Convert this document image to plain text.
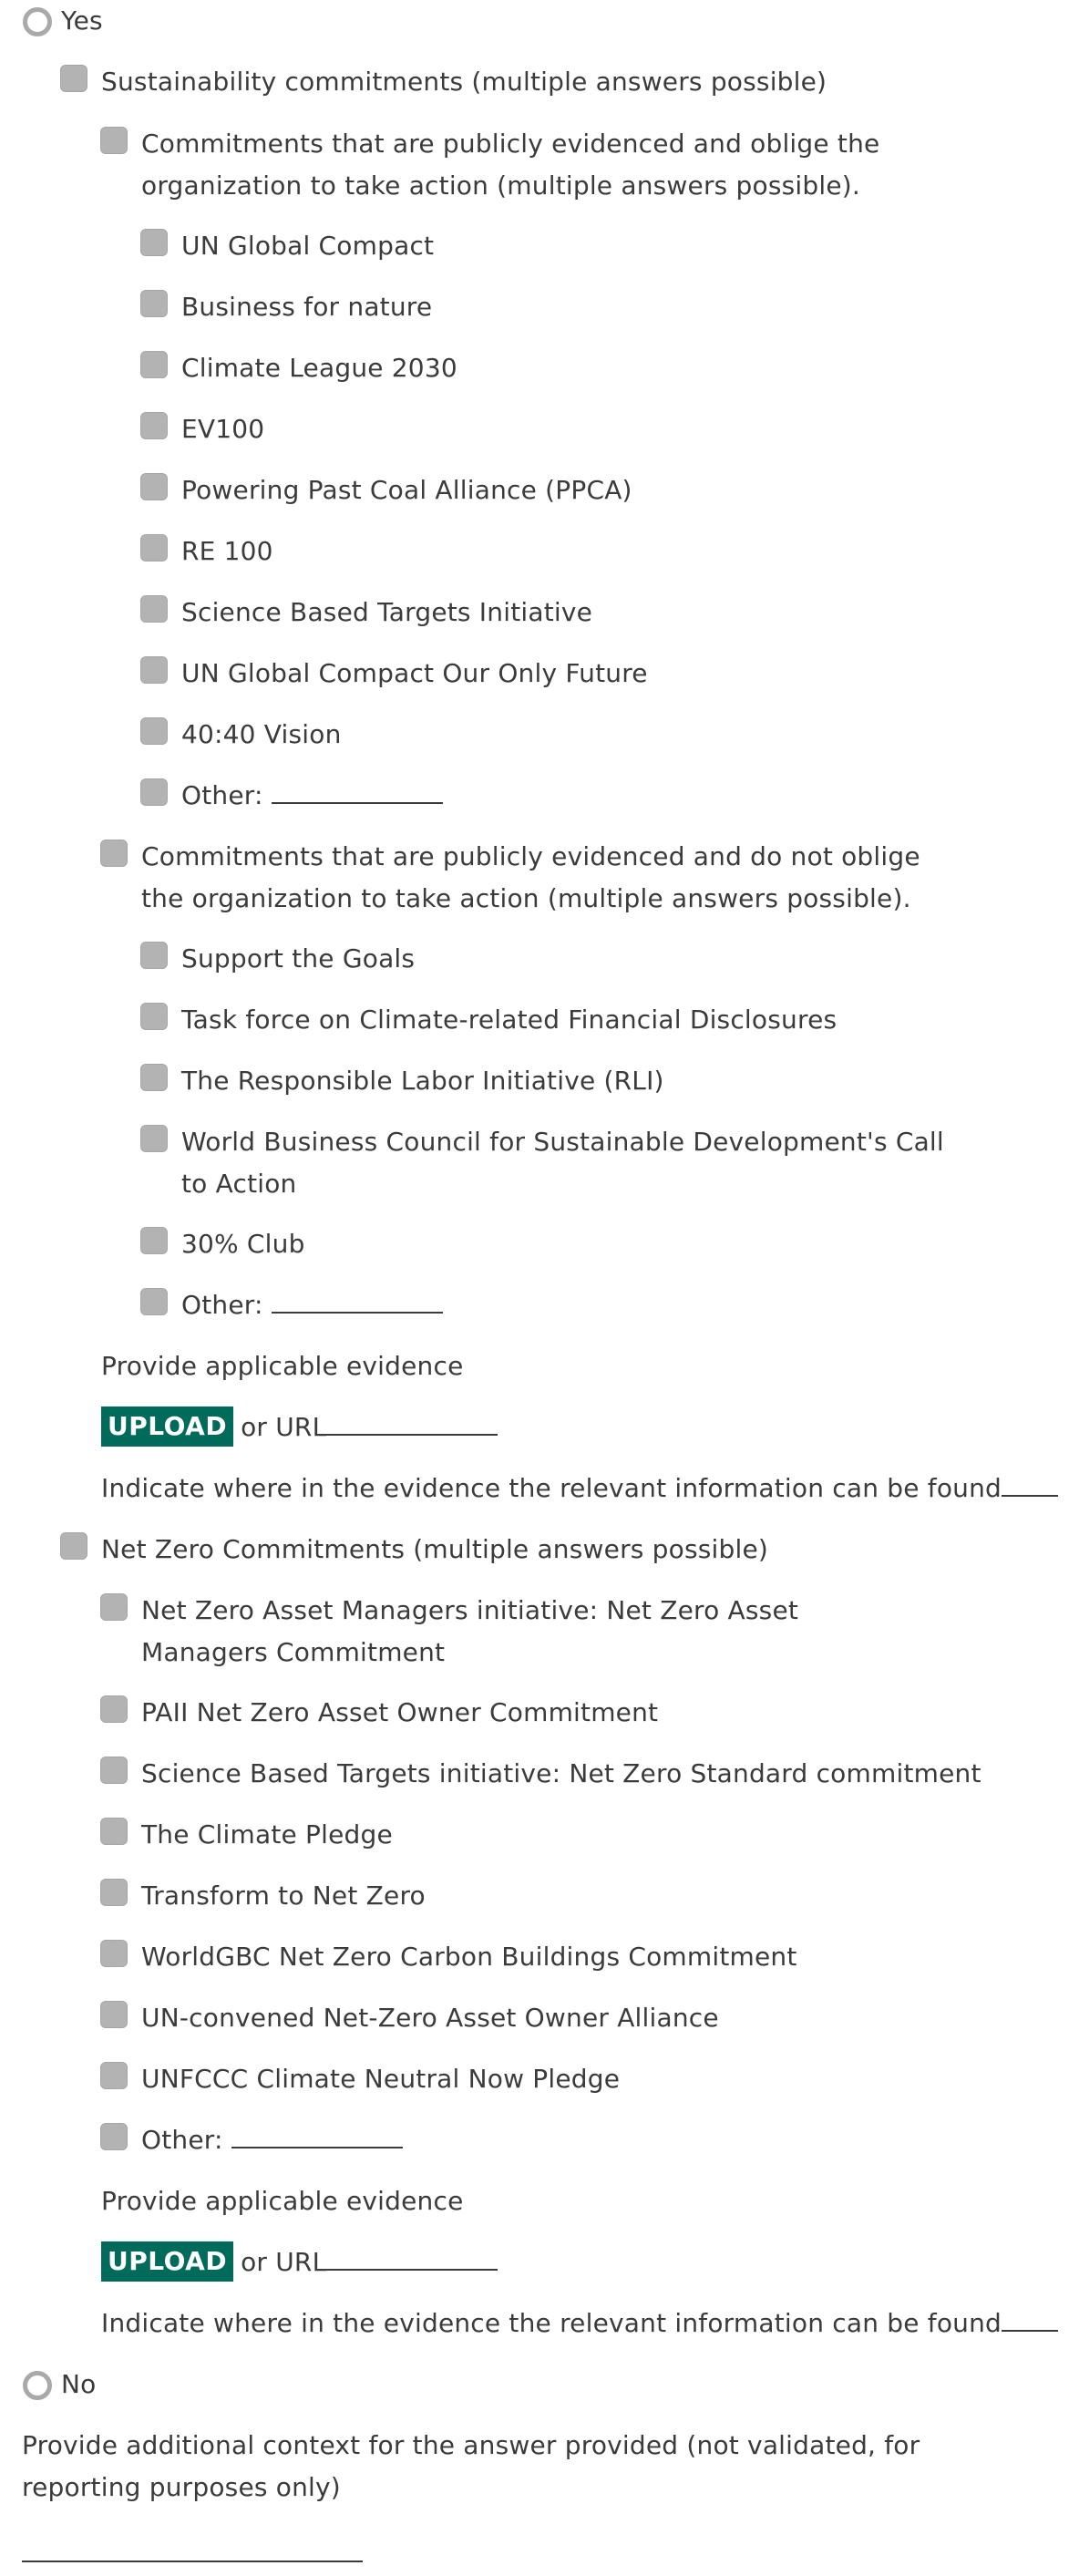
Yes
Sustainability commitments (multiple answers possible)
Commitments that are publicly evidenced and oblige the organization to take action (multiple answers possible).
UN Global Compact
Business for nature
Climate League 2030
EV100
Powering Past Coal Alliance (PPCA)
RE 100
Science Based Targets Initiative
UN Global Compact Our Only Future
40:40 Vision
Other:
Commitments that are publicly evidenced and do not oblige the organization to take action (multiple answers possible).
Support the Goals
Task force on Climate-related Financial Disclosures
The Responsible Labor Initiative (RLI)
World Business Council for Sustainable Development's Call to Action
30% Club
Other:
Provide applicable evidence
UPLOAD or URL
Indicate where in the evidence the relevant information can be found
Net Zero Commitments (multiple answers possible)
Net Zero Asset Managers initiative: Net Zero Asset Managers Commitment
PAII Net Zero Asset Owner Commitment
Science Based Targets initiative: Net Zero Standard commitment
The Climate Pledge
Transform to Net Zero
WorldGBC Net Zero Carbon Buildings Commitment
UN-convened Net-Zero Asset Owner Alliance
UNFCCC Climate Neutral Now Pledge
Other:
Provide applicable evidence
UPLOAD or URL
Indicate where in the evidence the relevant information can be found
No
Provide additional context for the answer provided (not validated, for reporting purposes only)
